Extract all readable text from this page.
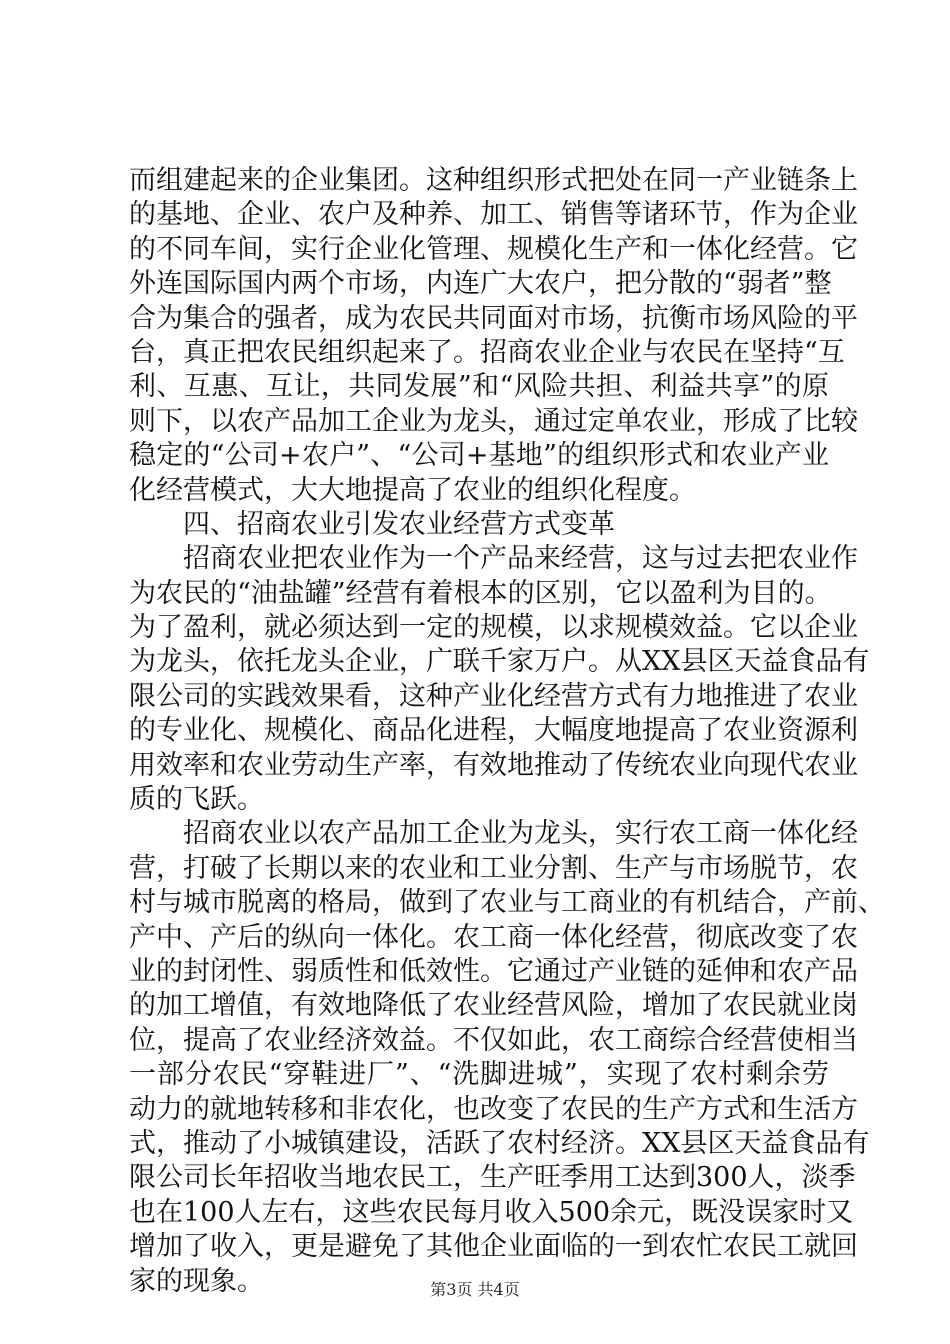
而组建起来的企业集团。这种组织形式把处在同一产业链条上
的基地、企业、农户及种养、加工、销售等诸环节，作为企业
的不同车间，实行企业化管理、规模化生产和一体化经营。它
外连国际国内两个市场，内连广大农户，把分散的“弱者”整
合为集合的强者，成为农民共同面对市场，抗衡市场风险的平
台，真正把农民组织起来了。招商农业企业与农民在坚持“互
利、互惠、互让，共同发展”和“风险共担、利益共享”的原
则下，以农产品加工企业为龙头，通过定单农业，形成了比较
稳定的“公司+农户”、“公司+基地”的组织形式和农业产业
化经营模式，大大地提高了农业的组织化程度。
四、招商农业引发农业经营方式变革
招商农业把农业作为一个产品来经营，这与过去把农业作
为农民的“油盐罐”经营有着根本的区别，它以盈利为目的。
为了盈利，就必须达到一定的规模，以求规模效益。它以企业
为龙头，依托龙头企业，广联千家万户。从XX县区天益食品有
限公司的实践效果看，这种产业化经营方式有力地推进了农业
的专业化、规模化、商品化进程，大幅度地提高了农业资源利
用效率和农业劳动生产率，有效地推动了传统农业向现代农业
质的飞跃。
招商农业以农产品加工企业为龙头，实行农工商一体化经
营，打破了长期以来的农业和工业分割、生产与市场脱节，农
村与城市脱离的格局，做到了农业与工商业的有机结合，产前、
产中、产后的纵向一体化。农工商一体化经营，彻底改变了农
业的封闭性、弱质性和低效性。它通过产业链的延伸和农产品
的加工增值，有效地降低了农业经营风险，增加了农民就业岗
位，提高了农业经济效益。不仅如此，农工商综合经营使相当
一部分农民“穿鞋进厂”、“洗脚进城”，实现了农村剩余劳
动力的就地转移和非农化，也改变了农民的生产方式和生活方
式，推动了小城镇建设，活跃了农村经济。XX县区天益食品有
限公司长年招收当地农民工，生产旺季用工达到300人，淡季
也在100人左右，这些农民每月收入500余元，既没误家时又
增加了收入，更是避免了其他企业面临的一到农忙农民工就回
家的现象。	第3页 共4页
